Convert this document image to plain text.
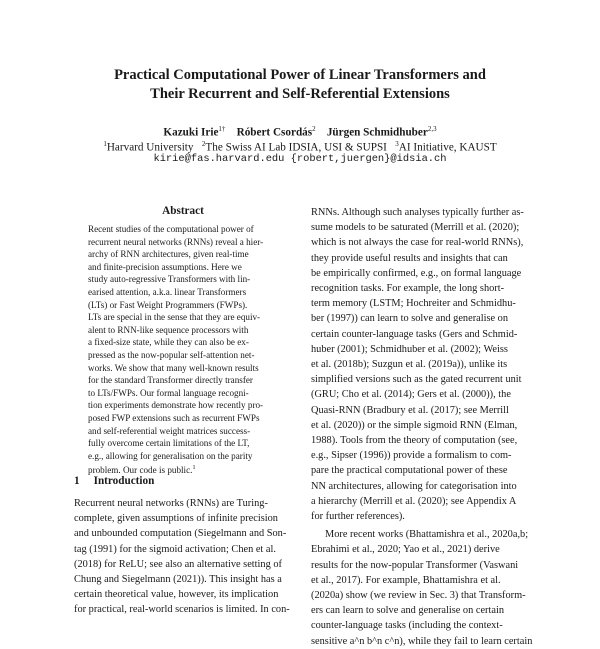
Practical Computational Power of Linear Transformers and
Their Recurrent and Self-Referential Extensions
Kazuki Irie$^{1\dagger}$ Róbert Csordás$^2$ Jürgen Schmidhuber$^{2,3}$
$^1$Harvard University $^2$The Swiss AI Lab IDSIA, USI & SUPSI $^3$AI Initiative, KAUST
kirie@fas.harvard.edu {robert,juergen}@idsia.ch
Abstract
Recent studies of the computational power of
recurrent neural networks (RNNs) reveal a hier-
archy of RNN architectures, given real-time
and finite-precision assumptions. Here we
study auto-regressive Transformers with lin-
earised attention, a.k.a. linear Transformers
(LTs) or Fast Weight Programmers (FWPs).
LTs are special in the sense that they are equiv-
alent to RNN-like sequence processors with
a fixed-size state, while they can also be ex-
pressed as the now-popular self-attention net-
works. We show that many well-known results
for the standard Transformer directly transfer
to LTs/FWPs. Our formal language recogni-
tion experiments demonstrate how recently pro-
posed FWP extensions such as recurrent FWPs
and self-referential weight matrices success-
fully overcome certain limitations of the LT,
e.g., allowing for generalisation on the parity
problem. Our code is public.$^1$
1 Introduction
Recurrent neural networks (RNNs) are Turing-
complete, given assumptions of infinite precision
and unbounded computation (Siegelmann and Son-
tag (1991) for the sigmoid activation; Chen et al.
(2018) for ReLU; see also an alternative setting of
Chung and Siegelmann (2021)). This insight has a
certain theoretical value, however, its implication
for practical, real-world scenarios is limited. In con-
RNNs. Although such analyses typically further as-
sume models to be saturated (Merrill et al. (2020);
which is not always the case for real-world RNNs),
they provide useful results and insights that can
be empirically confirmed, e.g., on formal language
recognition tasks. For example, the long short-
term memory (LSTM; Hochreiter and Schmidhu-
ber (1997)) can learn to solve and generalise on
certain counter-language tasks (Gers and Schmid-
huber (2001); Schmidhuber et al. (2002); Weiss
et al. (2018b); Suzgun et al. (2019a)), unlike its
simplified versions such as the gated recurrent unit
(GRU; Cho et al. (2014); Gers et al. (2000)), the
Quasi-RNN (Bradbury et al. (2017); see Merrill
et al. (2020)) or the simple sigmoid RNN (Elman,
1988). Tools from the theory of computation (see,
e.g., Sipser (1996)) provide a formalism to com-
pare the practical computational power of these
NN architectures, allowing for categorisation into
a hierarchy (Merrill et al. (2020); see Appendix A
for further references).
More recent works (Bhattamishra et al., 2020a,b;
Ebrahimi et al., 2020; Yao et al., 2021) derive
results for the now-popular Transformer (Vaswani
et al., 2017). For example, Bhattamishra et al.
(2020a) show (we review in Sec. 3) that Transform-
ers can learn to solve and generalise on certain
counter-language tasks (including the context-
sensitive a^n b^n c^n), while they fail to learn certain
